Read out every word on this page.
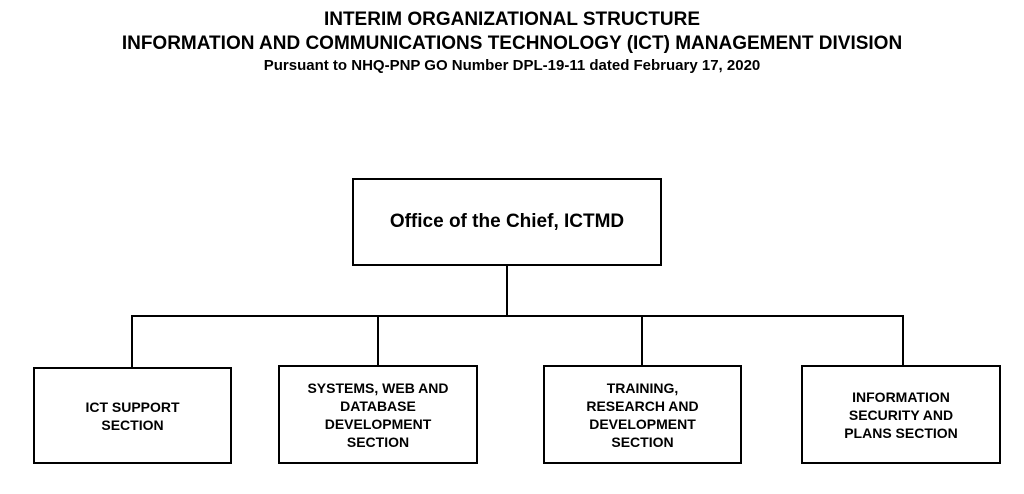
INTERIM ORGANIZATIONAL STRUCTURE
INFORMATION AND COMMUNICATIONS TECHNOLOGY (ICT) MANAGEMENT DIVISION
Pursuant to NHQ-PNP GO Number DPL-19-11 dated February 17, 2020
Office of the Chief, ICTMD
ICT SUPPORT
SECTION
SYSTEMS, WEB AND
DATABASE
DEVELOPMENT
SECTION
TRAINING,
RESEARCH AND
DEVELOPMENT
SECTION
INFORMATION
SECURITY AND
PLANS SECTION
